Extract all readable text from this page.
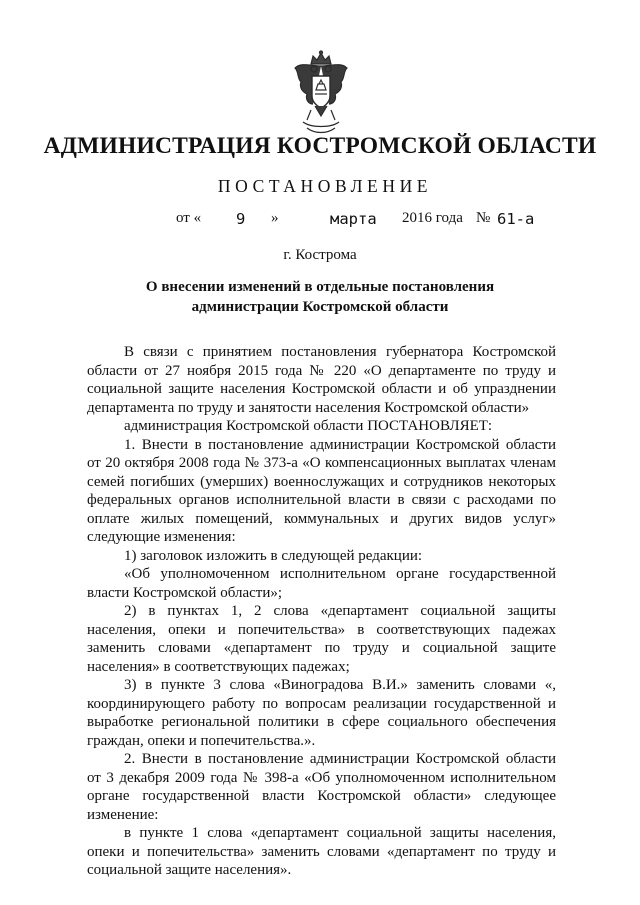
АДМИНИСТРАЦИЯ КОСТРОМСКОЙ ОБЛАСТИ
ПОСТАНОВЛЕНИЕ
от « 9 »	марта 2016 года № 61-а
г. Кострома
О внесении изменений в отдельные постановления администрации Костромской области

В связи с принятием постановления губернатора Костромской области от 27 ноября 2015 года № 220 «О департаменте по труду и социальной защите населения Костромской области и об упразднении департамента по труду и занятости населения Костромской области»

администрация Костромской области ПОСТАНОВЛЯЕТ:

1. Внести в постановление администрации Костромской области от 20 октября 2008 года № 373-а «О компенсационных выплатах членам семей погибших (умерших) военнослужащих и сотрудников некоторых федеральных органов исполнительной власти в связи с расходами по оплате жилых помещений, коммунальных и других видов услуг» следующие изменения:

1) заголовок изложить в следующей редакции:

«Об уполномоченном исполнительном органе государственной власти Костромской области»;

2) в пунктах 1, 2 слова «департамент социальной защиты населения, опеки и попечительства» в соответствующих падежах заменить словами «департамент по труду и социальной защите населения» в соответствующих падежах;

3) в пункте 3 слова «Виноградова В.И.» заменить словами «, координирующего работу по вопросам реализации государственной и выработке региональной политики в сфере социального обеспечения граждан, опеки и попечительства.».

2. Внести в постановление администрации Костромской области от 3 декабря 2009 года № 398-а «Об уполномоченном исполнительном органе государственной власти Костромской области» следующее изменение:

в пункте 1 слова «департамент социальной защиты населения, опеки и попечительства» заменить словами «департамент по труду и социальной защите населения».
